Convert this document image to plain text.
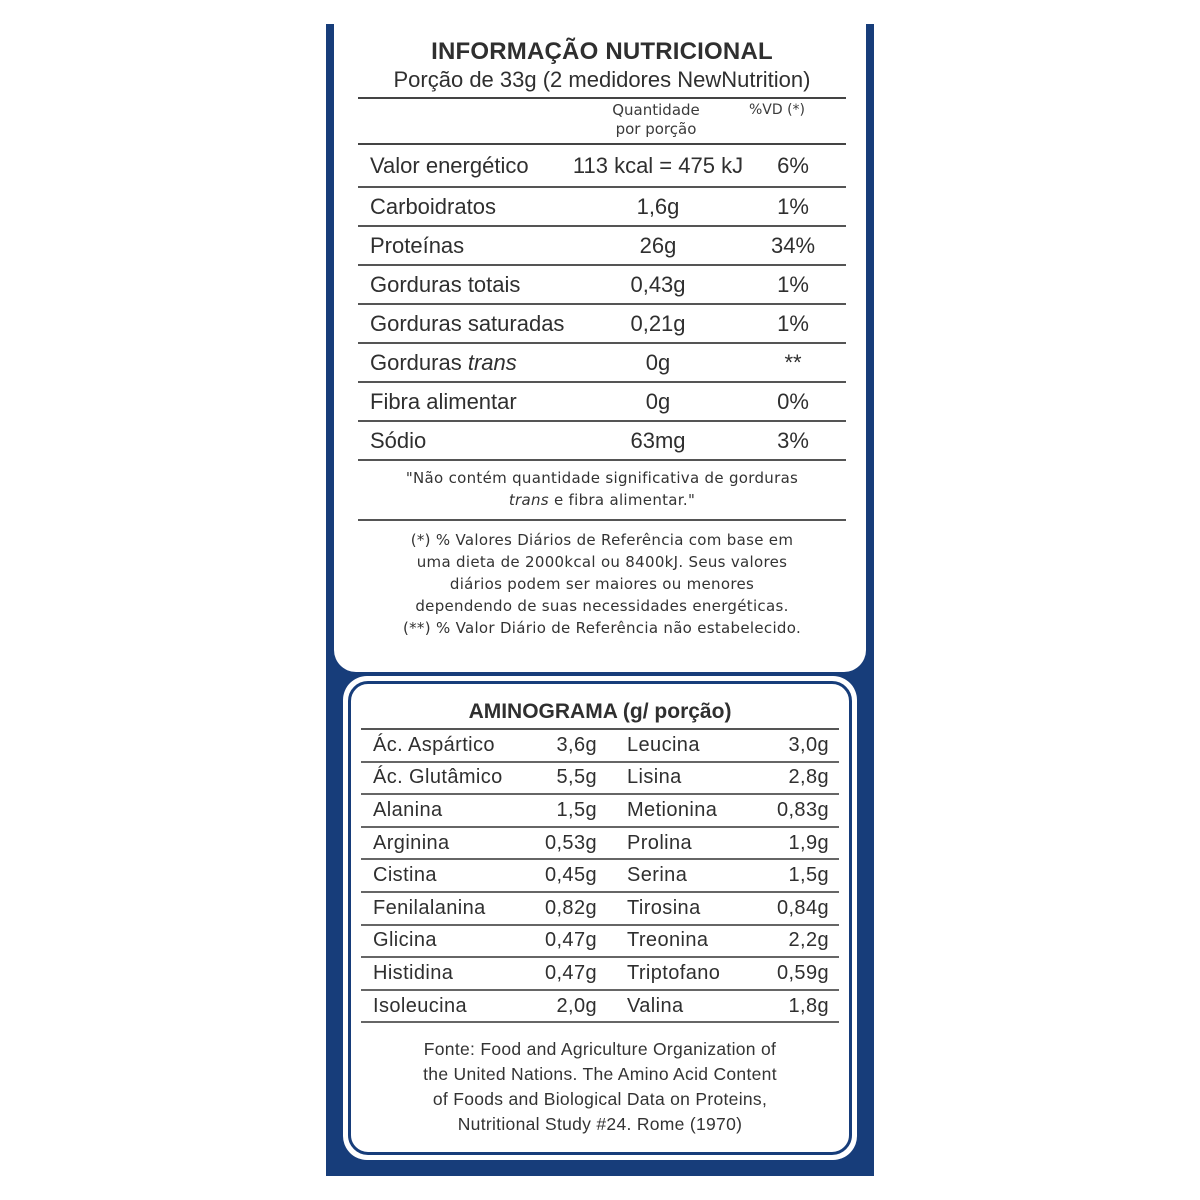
INFORMAÇÃO NUTRICIONAL
Porção de 33g (2 medidores NewNutrition)
Quantidade
por porção
%VD (*)
Valor energético	113 kcal = 475 kJ	6%
Carboidratos	1,6g	1%
Proteínas	26g	34%
Gorduras totais	0,43g	1%
Gorduras saturadas	0,21g	1%
Gorduras trans	0g	**
Fibra alimentar	0g	0%
Sódio	63mg	3%
"Não contém quantidade significativa de gorduras
trans e fibra alimentar."
(*) % Valores Diários de Referência com base em
uma dieta de 2000kcal ou 8400kJ. Seus valores
diários podem ser maiores ou menores
dependendo de suas necessidades energéticas.
(**) % Valor Diário de Referência não estabelecido.
AMINOGRAMA (g/ porção)
Ác. Aspártico	3,6g	Leucina	3,0g
Ác. Glutâmico	5,5g	Lisina	2,8g
Alanina	1,5g	Metionina	0,83g
Arginina	0,53g	Prolina	1,9g
Cistina	0,45g	Serina	1,5g
Fenilalanina	0,82g	Tirosina	0,84g
Glicina	0,47g	Treonina	2,2g
Histidina	0,47g	Triptofano	0,59g
Isoleucina	2,0g	Valina	1,8g
Fonte: Food and Agriculture Organization of
the United Nations. The Amino Acid Content
of Foods and Biological Data on Proteins,
Nutritional Study #24. Rome (1970)
